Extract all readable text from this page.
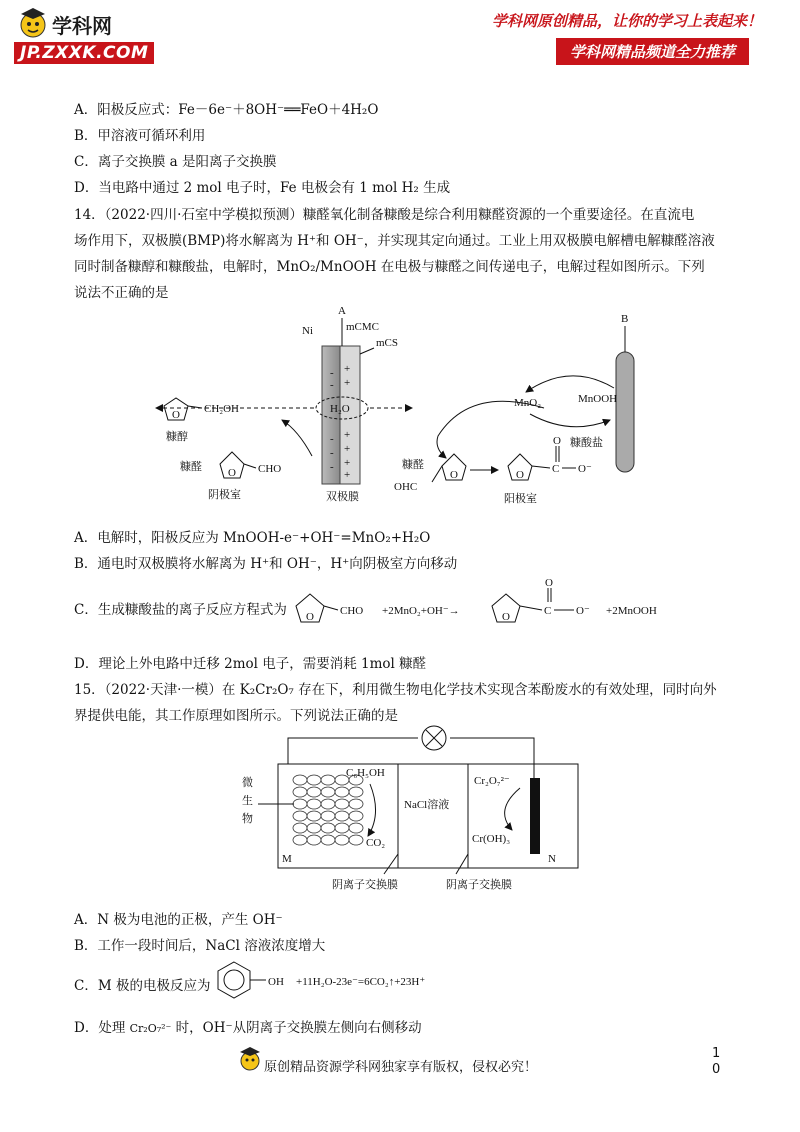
学科网
JP.ZXXK.COM
学科网原创精品，让你的学习上表起来！
学科网精品频道全力推荐
A．阳极反应式：Fe－6e⁻＋8OH⁻══FeO＋4H₂O
B．甲溶液可循环利用
C．离子交换膜 a 是阳离子交换膜
D．当电路中通过 2 mol 电子时，Fe 电极会有 1 mol H₂ 生成
14．（2022·四川·石室中学模拟预测）糠醛氧化制备糠酸是综合利用糠醛资源的一个重要途径。在直流电
场作用下，双极膜(BMP)将水解离为 H⁺和 OH⁻，并实现其定向通过。工业上用双极膜电解槽电解糠醛溶液
同时制备糠醇和糠酸盐，电解时，MnO₂/MnOOH 在电极与糠醛之间传递电子，电解过程如图所示。下列
说法不正确的是
-
-
+
+
-
-
-
+
+
+
+
A
Ni	mCMC
mCS
H₂O
双极膜
O CH₂OH
糠醇
糠醛 O CHO
阴极室
B
MnO₂	MnOOH
糠酸盐
糠醛
O
OHC
O	C
O
O⁻
阳极室
A．电解时，阳极反应为 MnOOH-e⁻+OH⁻=MnO₂+H₂O
B．通电时双极膜将水解离为 H⁺和 OH⁻，H⁺向阴极室方向移动
C．生成糠酸盐的离子反应方程式为 O CHO +2MnO₂+OH⁻→	O	C
O
O⁻ +2MnOOH
D．理论上外电路中迁移 2mol 电子，需要消耗 1mol 糠醛
15．（2022·天津·一模）在 K₂Cr₂O₇ 存在下，利用微生物电化学技术实现含苯酚废水的有效处理，同时向外
界提供电能，其工作原理如图所示。下列说法正确的是
微
生
物
C₆H₅OH
CO₂
M
NaCl溶液
Cr₂O₇²⁻
Cr(OH)₃
N
阴离子交换膜	阴离子交换膜
A．N 极为电池的正极，产生 OH⁻
B．工作一段时间后，NaCl 溶液浓度增大
C．M 极的电极反应为	OH +11H₂O-23e⁻=6CO₂↑+23H⁺
D．处理 Cr₂O₇²⁻ 时，OH⁻从阴离子交换膜左侧向右侧移动
原创精品资源学科网独家享有版权，侵权必究！
1
0
